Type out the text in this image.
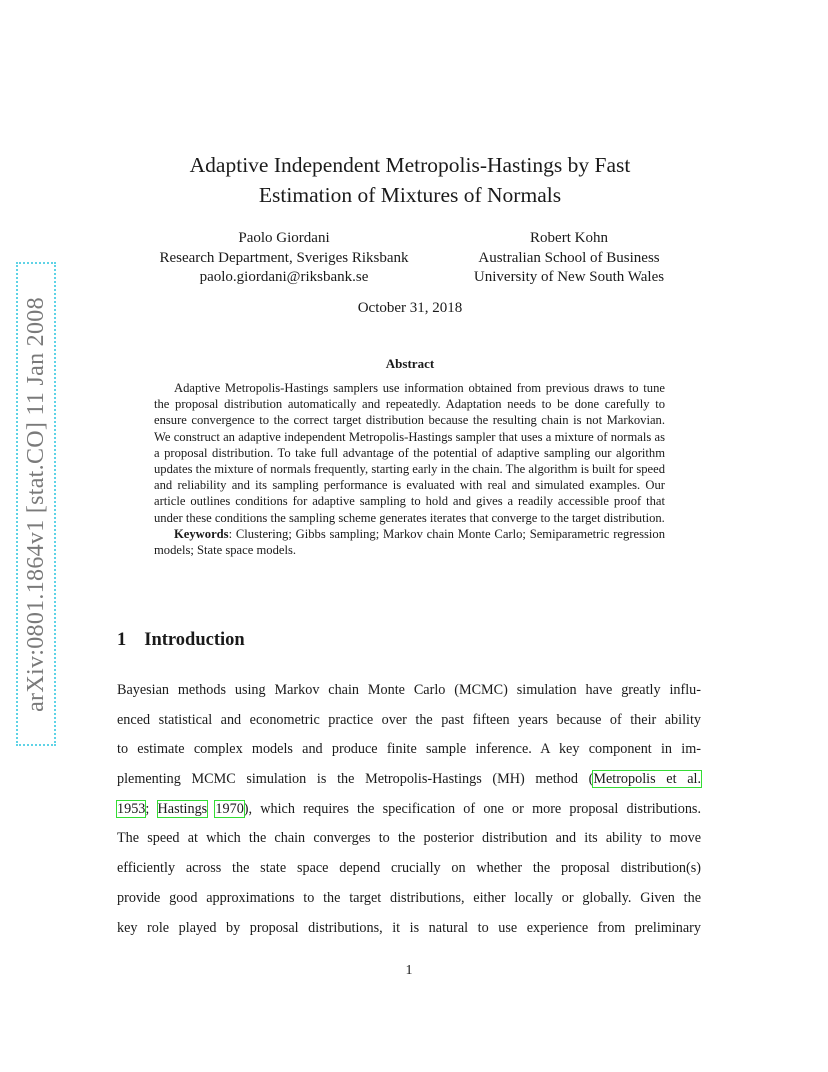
arXiv:0801.1864v1 [stat.CO] 11 Jan 2008
Adaptive Independent Metropolis-Hastings by Fast
Estimation of Mixtures of Normals
Paolo Giordani
Research Department, Sveriges Riksbank
paolo.giordani@riksbank.se
Robert Kohn
Australian School of Business
University of New South Wales
October 31, 2018
Abstract

Adaptive Metropolis-Hastings samplers use information obtained from previous draws to tune the proposal distribution automatically and repeatedly. Adaptation needs to be done carefully to ensure convergence to the correct target distribution because the resulting chain is not Markovian. We construct an adaptive independent Metropolis-Hastings sampler that uses a mixture of normals as a proposal distribution. To take full advantage of the potential of adaptive sampling our algorithm updates the mixture of normals frequently, starting early in the chain. The algorithm is built for speed and reliability and its sampling performance is evaluated with real and simulated examples. Our article outlines conditions for adaptive sampling to hold and gives a readily accessible proof that under these conditions the sampling scheme generates iterates that converge to the target distribution.

Keywords: Clustering; Gibbs sampling; Markov chain Monte Carlo; Semiparametric regression models; State space models.

1 Introduction
Bayesian methods using Markov chain Monte Carlo (MCMC) simulation have greatly influ-
enced statistical and econometric practice over the past fifteen years because of their ability
to estimate complex models and produce finite sample inference. A key component in im-
plementing MCMC simulation is the Metropolis-Hastings (MH) method (Metropolis et al.
1953; Hastings 1970), which requires the specification of one or more proposal distributions.
The speed at which the chain converges to the posterior distribution and its ability to move
efficiently across the state space depend crucially on whether the proposal distribution(s)
provide good approximations to the target distributions, either locally or globally. Given the
key role played by proposal distributions, it is natural to use experience from preliminary
1
